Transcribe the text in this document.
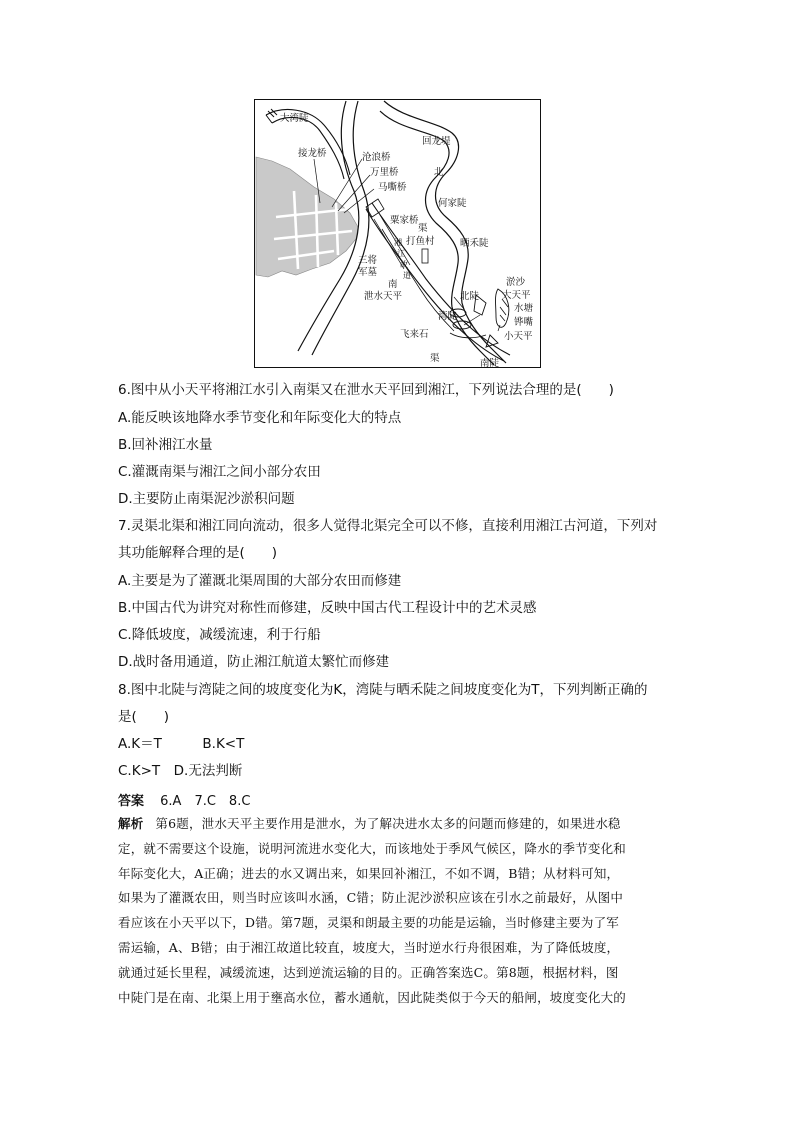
大湾陡
接龙桥
回龙堤
沧浪桥
万里桥
马嘶桥
北
何家陡
粟家桥
渠
打鱼村	晒禾陡
湘
江
故
道
三将
军墓
南
泄水天平	北陡
淤沙
大天平
湾陡
水塘
铧嘴
飞来石	小天平
渠	南陡
6.图中从小天平将湘江水引入南渠又在泄水天平回到湘江，下列说法合理的是(　　)
A.能反映该地降水季节变化和年际变化大的特点
B.回补湘江水量
C.灌溉南渠与湘江之间小部分农田
D.主要防止南渠泥沙淤积问题
7.灵渠北渠和湘江同向流动，很多人觉得北渠完全可以不修，直接利用湘江古河道，下列对
其功能解释合理的是(　　)
A.主要是为了灌溉北渠周围的大部分农田而修建
B.中国古代为讲究对称性而修建，反映中国古代工程设计中的艺术灵感
C.降低坡度，减缓流速，利于行船
D.战时备用通道，防止湘江航道太繁忙而修建
8.图中北陡与湾陡之间的坡度变化为K，湾陡与晒禾陡之间坡度变化为T，下列判断正确的
是(　　)
A.K＝T　　　B.K<T
C.K>T　D.无法判断
答案 6.A　7.C　8.C
解析 第6题，泄水天平主要作用是泄水，为了解决进水太多的问题而修建的，如果进水稳
定，就不需要这个设施，说明河流进水变化大，而该地处于季风气候区，降水的季节变化和
年际变化大，A正确；进去的水又调出来，如果回补湘江，不如不调，B错；从材料可知，
如果为了灌溉农田，则当时应该叫水涵，C错；防止泥沙淤积应该在引水之前最好，从图中
看应该在小天平以下，D错。第7题，灵渠和朗最主要的功能是运输，当时修建主要为了军
需运输，A、B错；由于湘江故道比较直，坡度大，当时逆水行舟很困难，为了降低坡度，
就通过延长里程，减缓流速，达到逆流运输的目的。正确答案选C。第8题，根据材料，图
中陡门是在南、北渠上用于壅高水位，蓄水通航，因此陡类似于今天的船闸，坡度变化大的
